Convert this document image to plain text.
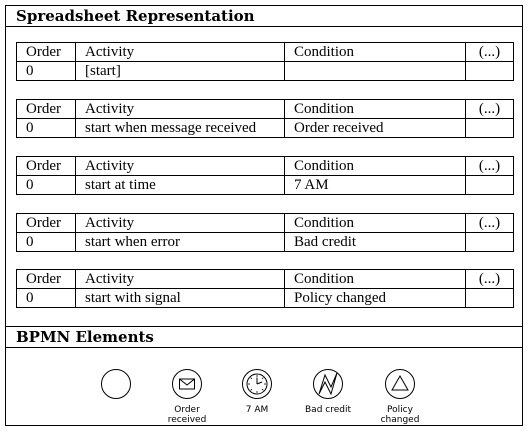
Spreadsheet Representation
Order	Activity	Condition	(...)
0	[start]		
Order	Activity	Condition	(...)
0	start when message received	Order received	
Order	Activity	Condition	(...)
0	start at time	7 AM	
Order	Activity	Condition	(...)
0	start when error	Bad credit	
Order	Activity	Condition	(...)
0	start with signal	Policy changed	
BPMN Elements
Order
received
7 AM	Bad credit	Policy
changed
